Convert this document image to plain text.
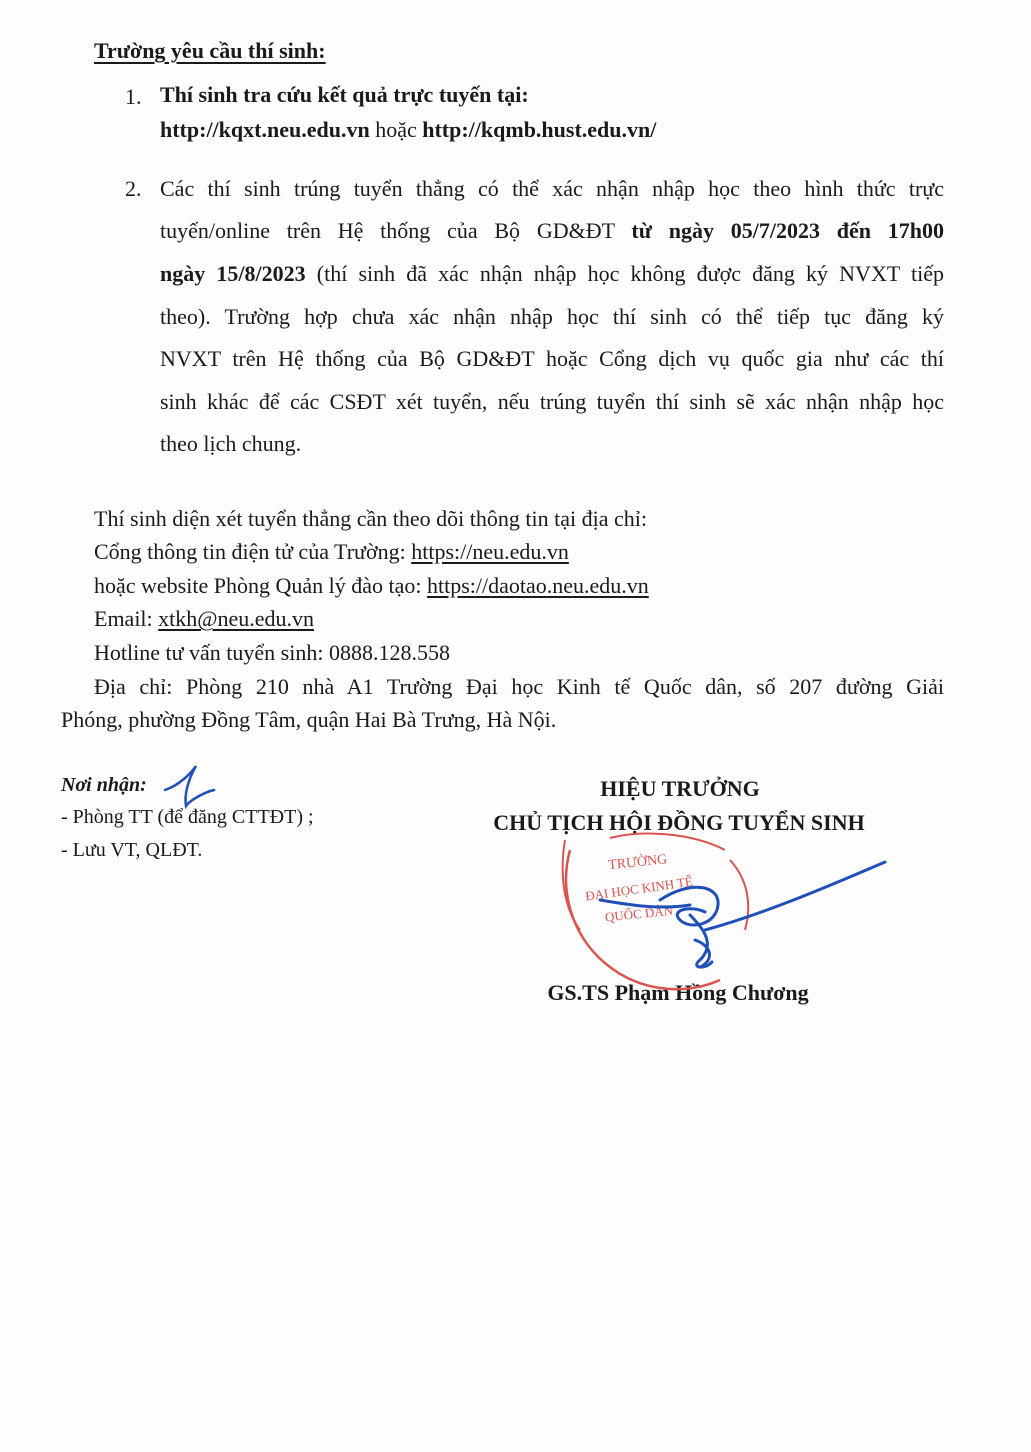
Trường yêu cầu thí sinh:
1. Thí sinh tra cứu kết quả trực tuyến tại:
http://kqxt.neu.edu.vn hoặc http://kqmb.hust.edu.vn/
2. Các thí sinh trúng tuyển thẳng có thể xác nhận nhập học theo hình thức trực
tuyến/online trên Hệ thống của Bộ GD&ĐT từ ngày 05/7/2023 đến 17h00
ngày 15/8/2023 (thí sinh đã xác nhận nhập học không được đăng ký NVXT tiếp
theo). Trường hợp chưa xác nhận nhập học thí sinh có thể tiếp tục đăng ký
NVXT trên Hệ thống của Bộ GD&ĐT hoặc Cổng dịch vụ quốc gia như các thí
sinh khác để các CSĐT xét tuyển, nếu trúng tuyển thí sinh sẽ xác nhận nhập học
theo lịch chung.
Thí sinh diện xét tuyển thẳng cần theo dõi thông tin tại địa chỉ:
Cổng thông tin điện tử của Trường: https://neu.edu.vn
hoặc website Phòng Quản lý đào tạo: https://daotao.neu.edu.vn
Email: xtkh@neu.edu.vn
Hotline tư vấn tuyển sinh: 0888.128.558
Địa chỉ: Phòng 210 nhà A1 Trường Đại học Kinh tế Quốc dân, số 207 đường Giải
Phóng, phường Đồng Tâm, quận Hai Bà Trưng, Hà Nội.
Nơi nhận:
- Phòng TT (để đăng CTTĐT) ;
- Lưu VT, QLĐT.
HIỆU TRƯỞNG
CHỦ TỊCH HỘI ĐỒNG TUYỂN SINH
GS.TS Phạm Hồng Chương
TRƯỜNG
ĐẠI HỌC KINH TẾ
QUỐC DÂN
